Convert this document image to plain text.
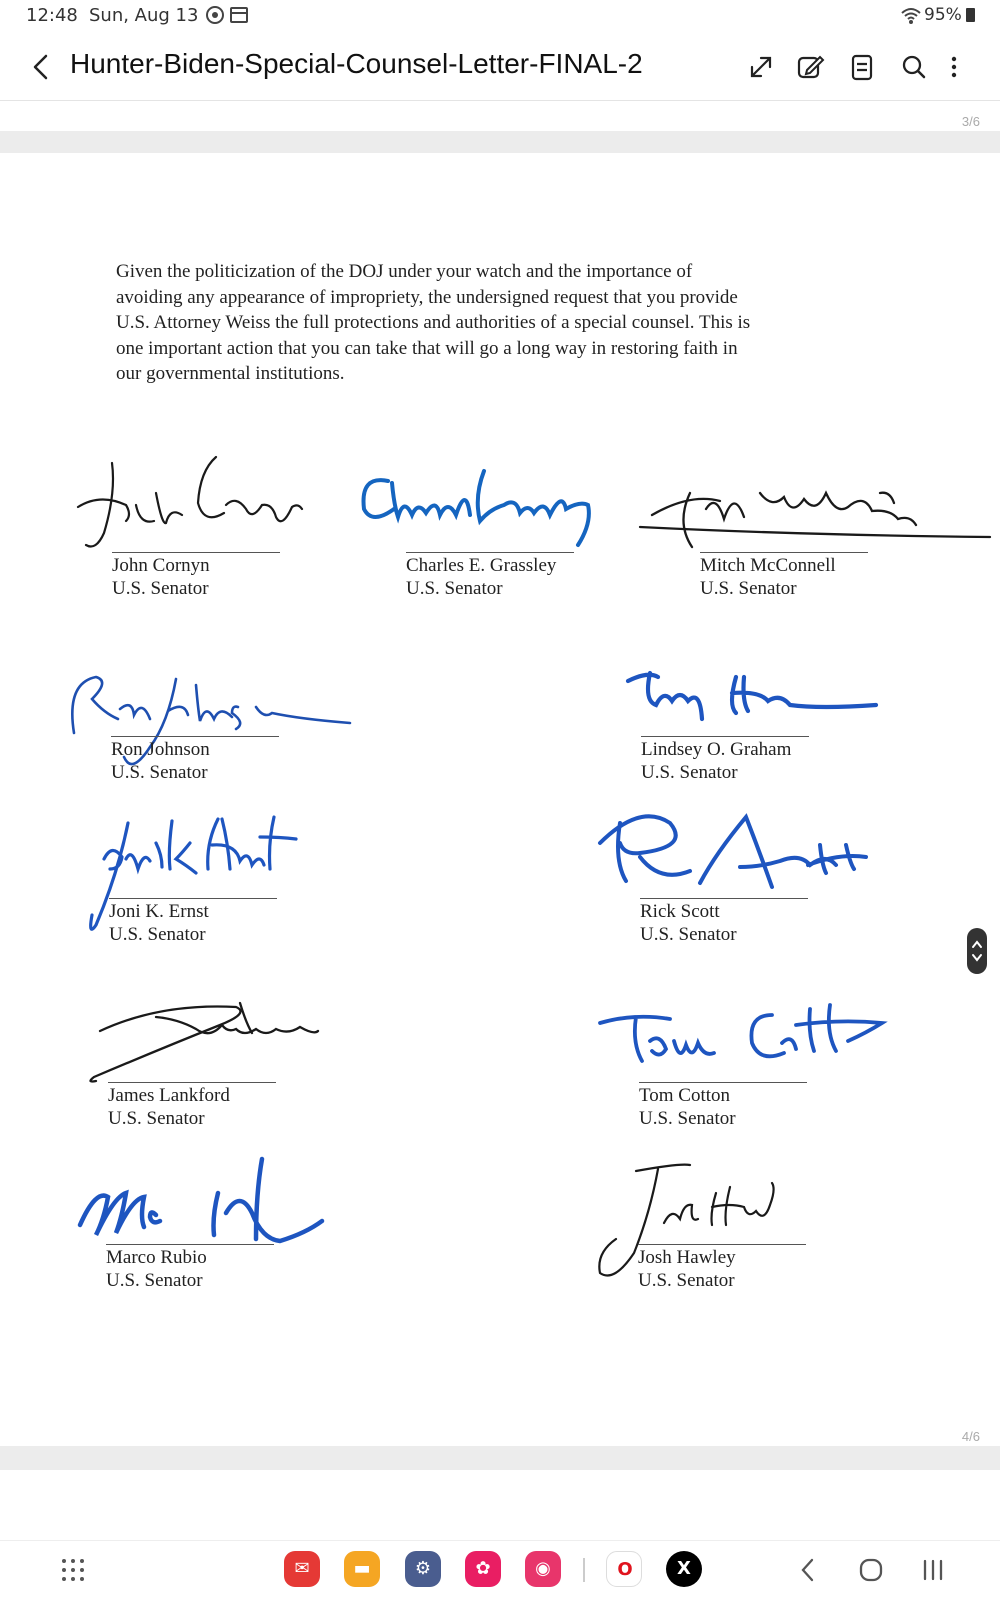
12:48 Sun, Aug 13	95%
Hunter-Biden-Special-Counsel-Letter-FINAL-2
3/6
Given the politicization of the DOJ under your watch and the importance of
avoiding any appearance of impropriety, the undersigned request that you provide
U.S. Attorney Weiss the full protections and authorities of a special counsel. This is
one important action that you can take that will go a long way in restoring faith in
our governmental institutions.
John Cornyn
U.S. Senator
Charles E. Grassley
U.S. Senator
Mitch McConnell
U.S. Senator
Ron Johnson
U.S. Senator
Lindsey O. Graham
U.S. Senator
Joni K. Ernst
U.S. Senator
Rick Scott
U.S. Senator
James Lankford
U.S. Senator
Tom Cotton
U.S. Senator
Marco Rubio
U.S. Senator
Josh Hawley
U.S. Senator
4/6
✉	▬	⚙	✿	◉	O	X
